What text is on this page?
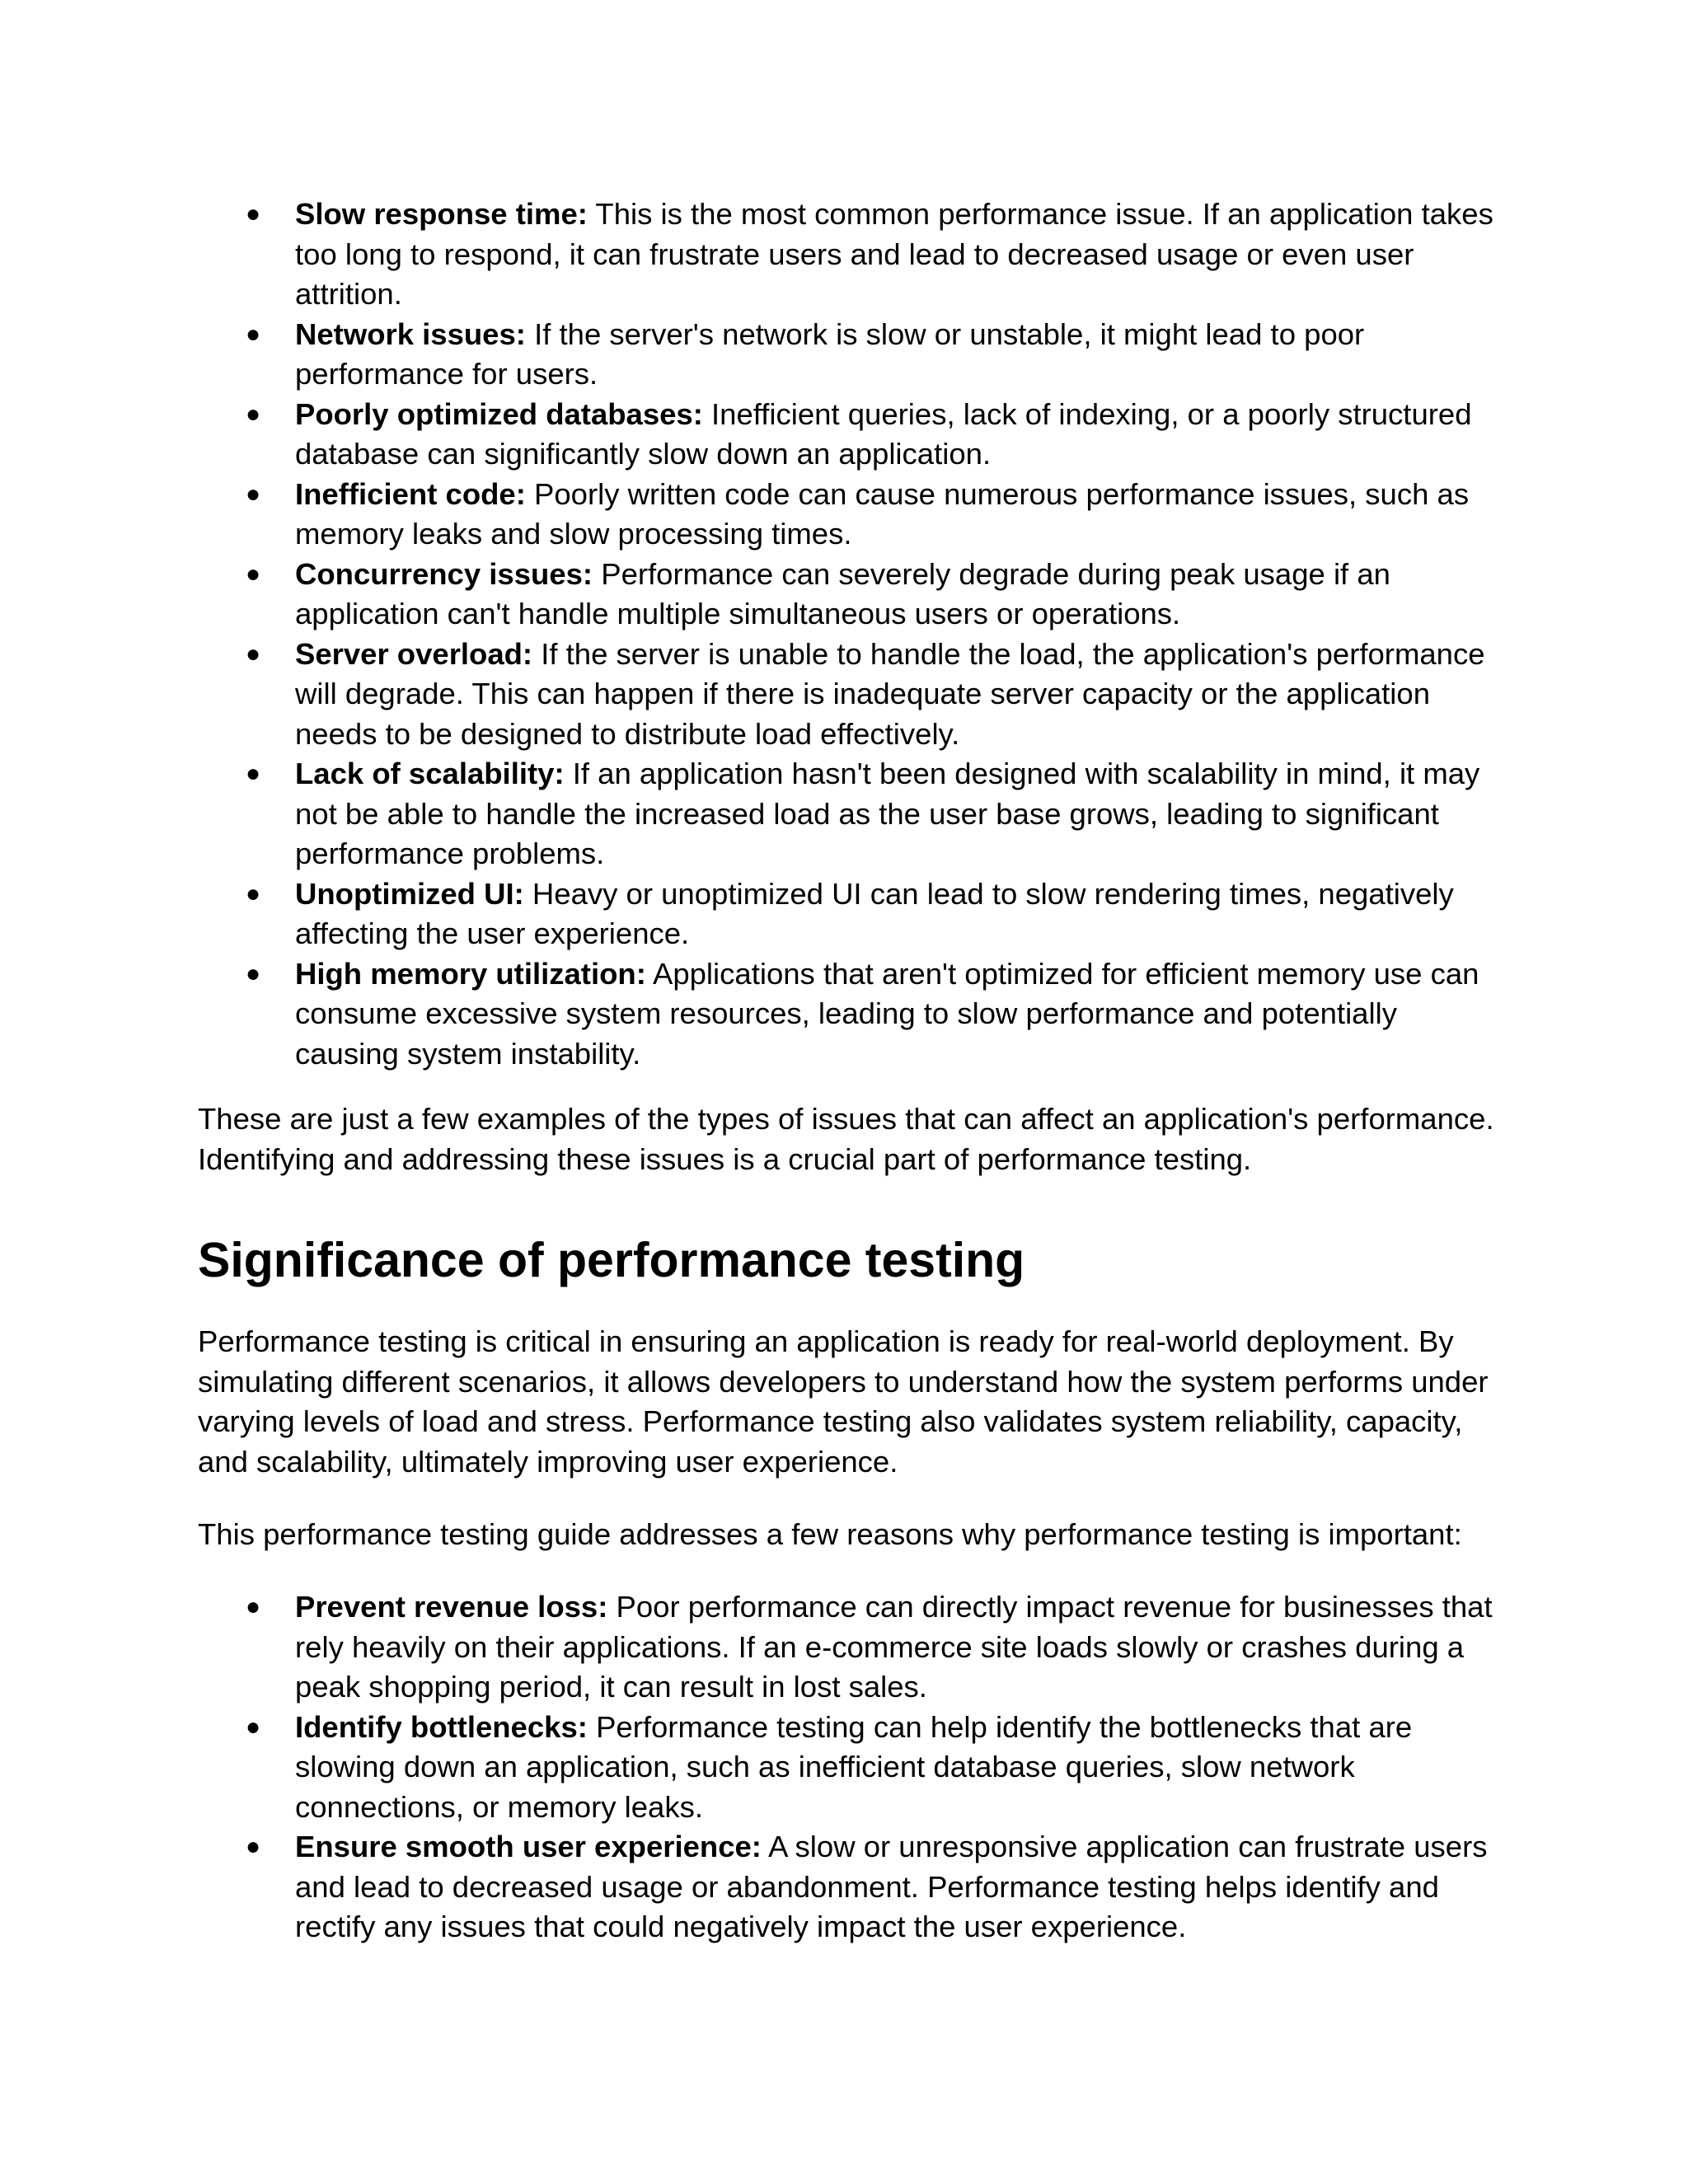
● Slow response time: This is the most common performance issue. If an application takes too long to respond, it can frustrate users and lead to decreased usage or even user attrition.
● Network issues: If the server's network is slow or unstable, it might lead to poor performance for users.
● Poorly optimized databases: Inefficient queries, lack of indexing, or a poorly structured database can significantly slow down an application.
● Inefficient code: Poorly written code can cause numerous performance issues, such as memory leaks and slow processing times.
● Concurrency issues: Performance can severely degrade during peak usage if an application can't handle multiple simultaneous users or operations.
● Server overload: If the server is unable to handle the load, the application's performance will degrade. This can happen if there is inadequate server capacity or the application needs to be designed to distribute load effectively.
● Lack of scalability: If an application hasn't been designed with scalability in mind, it may not be able to handle the increased load as the user base grows, leading to significant performance problems.
● Unoptimized UI: Heavy or unoptimized UI can lead to slow rendering times, negatively affecting the user experience.
● High memory utilization: Applications that aren't optimized for efficient memory use can consume excessive system resources, leading to slow performance and potentially causing system instability.

These are just a few examples of the types of issues that can affect an application's performance. Identifying and addressing these issues is a crucial part of performance testing.

Significance of performance testing

Performance testing is critical in ensuring an application is ready for real-world deployment. By simulating different scenarios, it allows developers to understand how the system performs under varying levels of load and stress. Performance testing also validates system reliability, capacity, and scalability, ultimately improving user experience.

This performance testing guide addresses a few reasons why performance testing is important:

● Prevent revenue loss: Poor performance can directly impact revenue for businesses that rely heavily on their applications. If an e-commerce site loads slowly or crashes during a peak shopping period, it can result in lost sales.
● Identify bottlenecks: Performance testing can help identify the bottlenecks that are slowing down an application, such as inefficient database queries, slow network connections, or memory leaks.
● Ensure smooth user experience: A slow or unresponsive application can frustrate users and lead to decreased usage or abandonment. Performance testing helps identify and rectify any issues that could negatively impact the user experience.
